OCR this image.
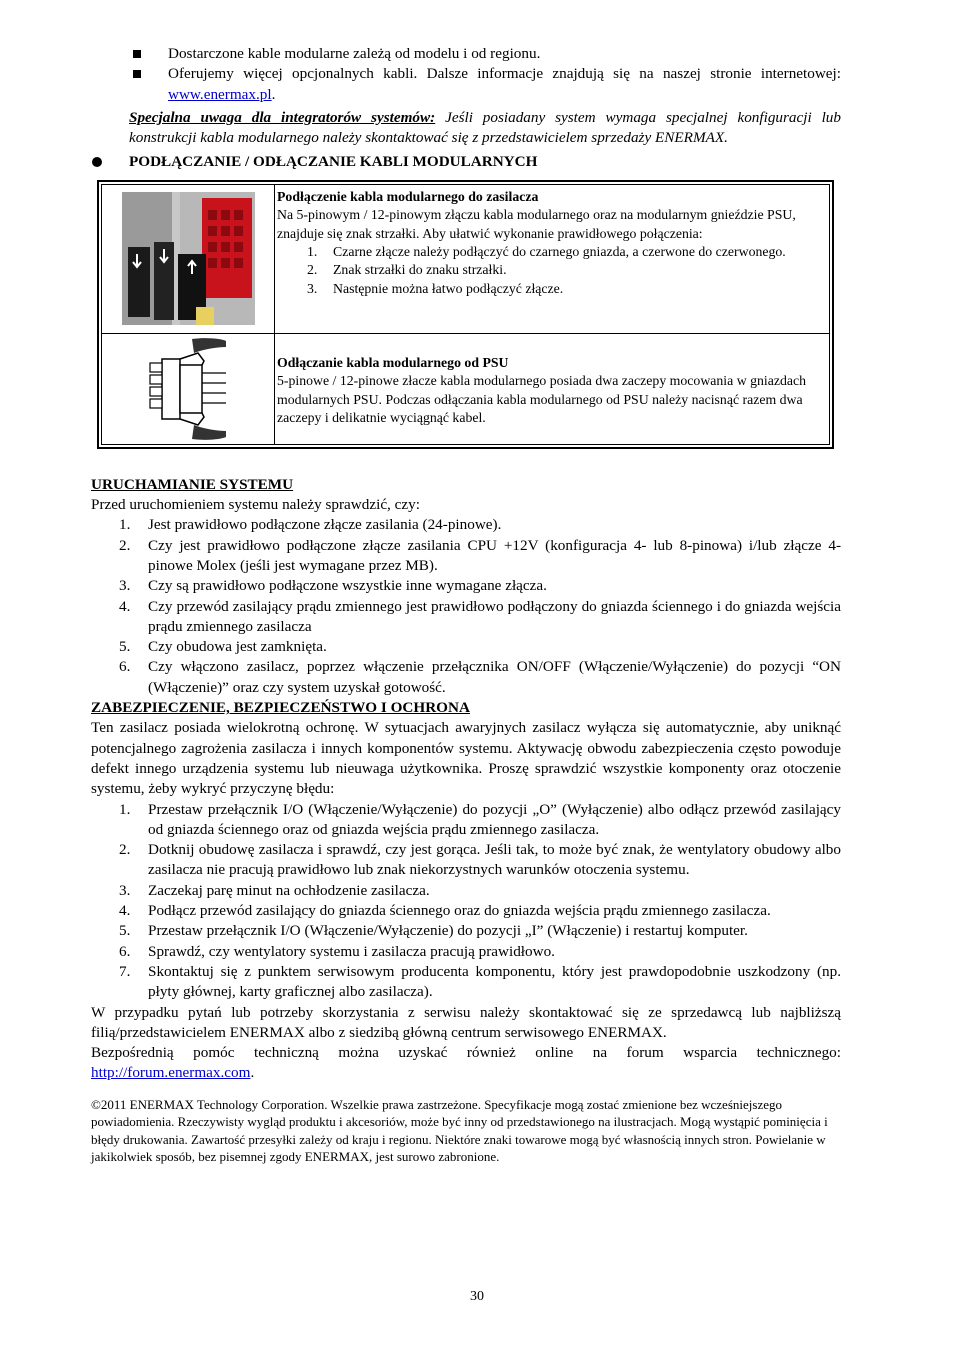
Dostarczone kable modularne zależą od modelu i od regionu.
Oferujemy więcej opcjonalnych kabli. Dalsze informacje znajdują się na naszej stronie internetowej: www.enermax.pl.
Specjalna uwaga dla integratorów systemów: Jeśli posiadany system wymaga specjalnej konfiguracji lub konstrukcji kabla modularnego należy skontaktować się z przedstawicielem sprzedaży ENERMAX.
PODŁĄCZANIE / ODŁĄCZANIE KABLI MODULARNYCH
Podłączenie kabla modularnego do zasilacza
Na 5-pinowym / 12-pinowym złączu kabla modularnego oraz na modularnym gnieździe PSU, znajduje się znak strzałki. Aby ułatwić wykonanie prawidłowego połączenia:
1. Czarne złącze należy podłączyć do czarnego gniazda, a czerwone do czerwonego.
2. Znak strzałki do znaku strzałki.
3. Następnie można łatwo podłączyć złącze.
Odłączanie kabla modularnego od PSU
5-pinowe / 12-pinowe złacze kabla modularnego posiada dwa zaczepy mocowania w gniazdach modularnych PSU. Podczas odłączania kabla modularnego od PSU należy nacisnąć razem dwa zaczepy i delikatnie wyciągnąć kabel.
URUCHAMIANIE SYSTEMU
Przed uruchomieniem systemu należy sprawdzić, czy:
1. Jest prawidłowo podłączone złącze zasilania (24-pinowe).
2. Czy jest prawidłowo podłączone złącze zasilania CPU +12V (konfiguracja 4- lub 8-pinowa) i/lub złącze 4-pinowe Molex (jeśli jest wymagane przez MB).
3. Czy są prawidłowo podłączone wszystkie inne wymagane złącza.
4. Czy przewód zasilający prądu zmiennego jest prawidłowo podłączony do gniazda ściennego i do gniazda wejścia prądu zmiennego zasilacza
5. Czy obudowa jest zamknięta.
6. Czy włączono zasilacz, poprzez włączenie przełącznika ON/OFF (Włączenie/Wyłączenie) do pozycji “ON (Włączenie)” oraz czy system uzyskał gotowość.
ZABEZPIECZENIE, BEZPIECZEŃSTWO I OCHRONA
Ten zasilacz posiada wielokrotną ochronę. W sytuacjach awaryjnych zasilacz wyłącza się automatycznie, aby uniknąć potencjalnego zagrożenia zasilacza i innych komponentów systemu. Aktywację obwodu zabezpieczenia często powoduje defekt innego urządzenia systemu lub nieuwaga użytkownika. Proszę sprawdzić wszystkie komponenty oraz otoczenie systemu, żeby wykryć przyczynę błędu:
1. Przestaw przełącznik I/O (Włączenie/Wyłączenie) do pozycji „O” (Wyłączenie) albo odłącz przewód zasilający od gniazda ściennego oraz od gniazda wejścia prądu zmiennego zasilacza.
2. Dotknij obudowę zasilacza i sprawdź, czy jest gorąca. Jeśli tak, to może być znak, że wentylatory obudowy albo zasilacza nie pracują prawidłowo lub znak niekorzystnych warunków otoczenia systemu.
3. Zaczekaj parę minut na ochłodzenie zasilacza.
4. Podłącz przewód zasilający do gniazda ściennego oraz do gniazda wejścia prądu zmiennego zasilacza.
5. Przestaw przełącznik I/O (Włączenie/Wyłączenie) do pozycji „I” (Włączenie) i restartuj komputer.
6. Sprawdź, czy wentylatory systemu i zasilacza pracują prawidłowo.
7. Skontaktuj się z punktem serwisowym producenta komponentu, który jest prawdopodobnie uszkodzony (np. płyty głównej, karty graficznej albo zasilacza).
W przypadku pytań lub potrzeby skorzystania z serwisu należy skontaktować się ze sprzedawcą lub najbliższą filią/przedstawicielem ENERMAX albo z siedzibą główną centrum serwisowego ENERMAX.
Bezpośrednią pomóc techniczną można uzyskać również online na forum wsparcia technicznego: http://forum.enermax.com.
©2011 ENERMAX Technology Corporation. Wszelkie prawa zastrzeżone. Specyfikacje mogą zostać zmienione bez wcześniejszego powiadomienia. Rzeczywisty wygląd produktu i akcesoriów, może być inny od przedstawionego na ilustracjach. Mogą wystąpić pominięcia i błędy drukowania. Zawartość przesyłki zależy od kraju i regionu. Niektóre znaki towarowe mogą być własnością innych stron. Powielanie w jakikolwiek sposób, bez pisemnej zgody ENERMAX, jest surowo zabronione.
30
